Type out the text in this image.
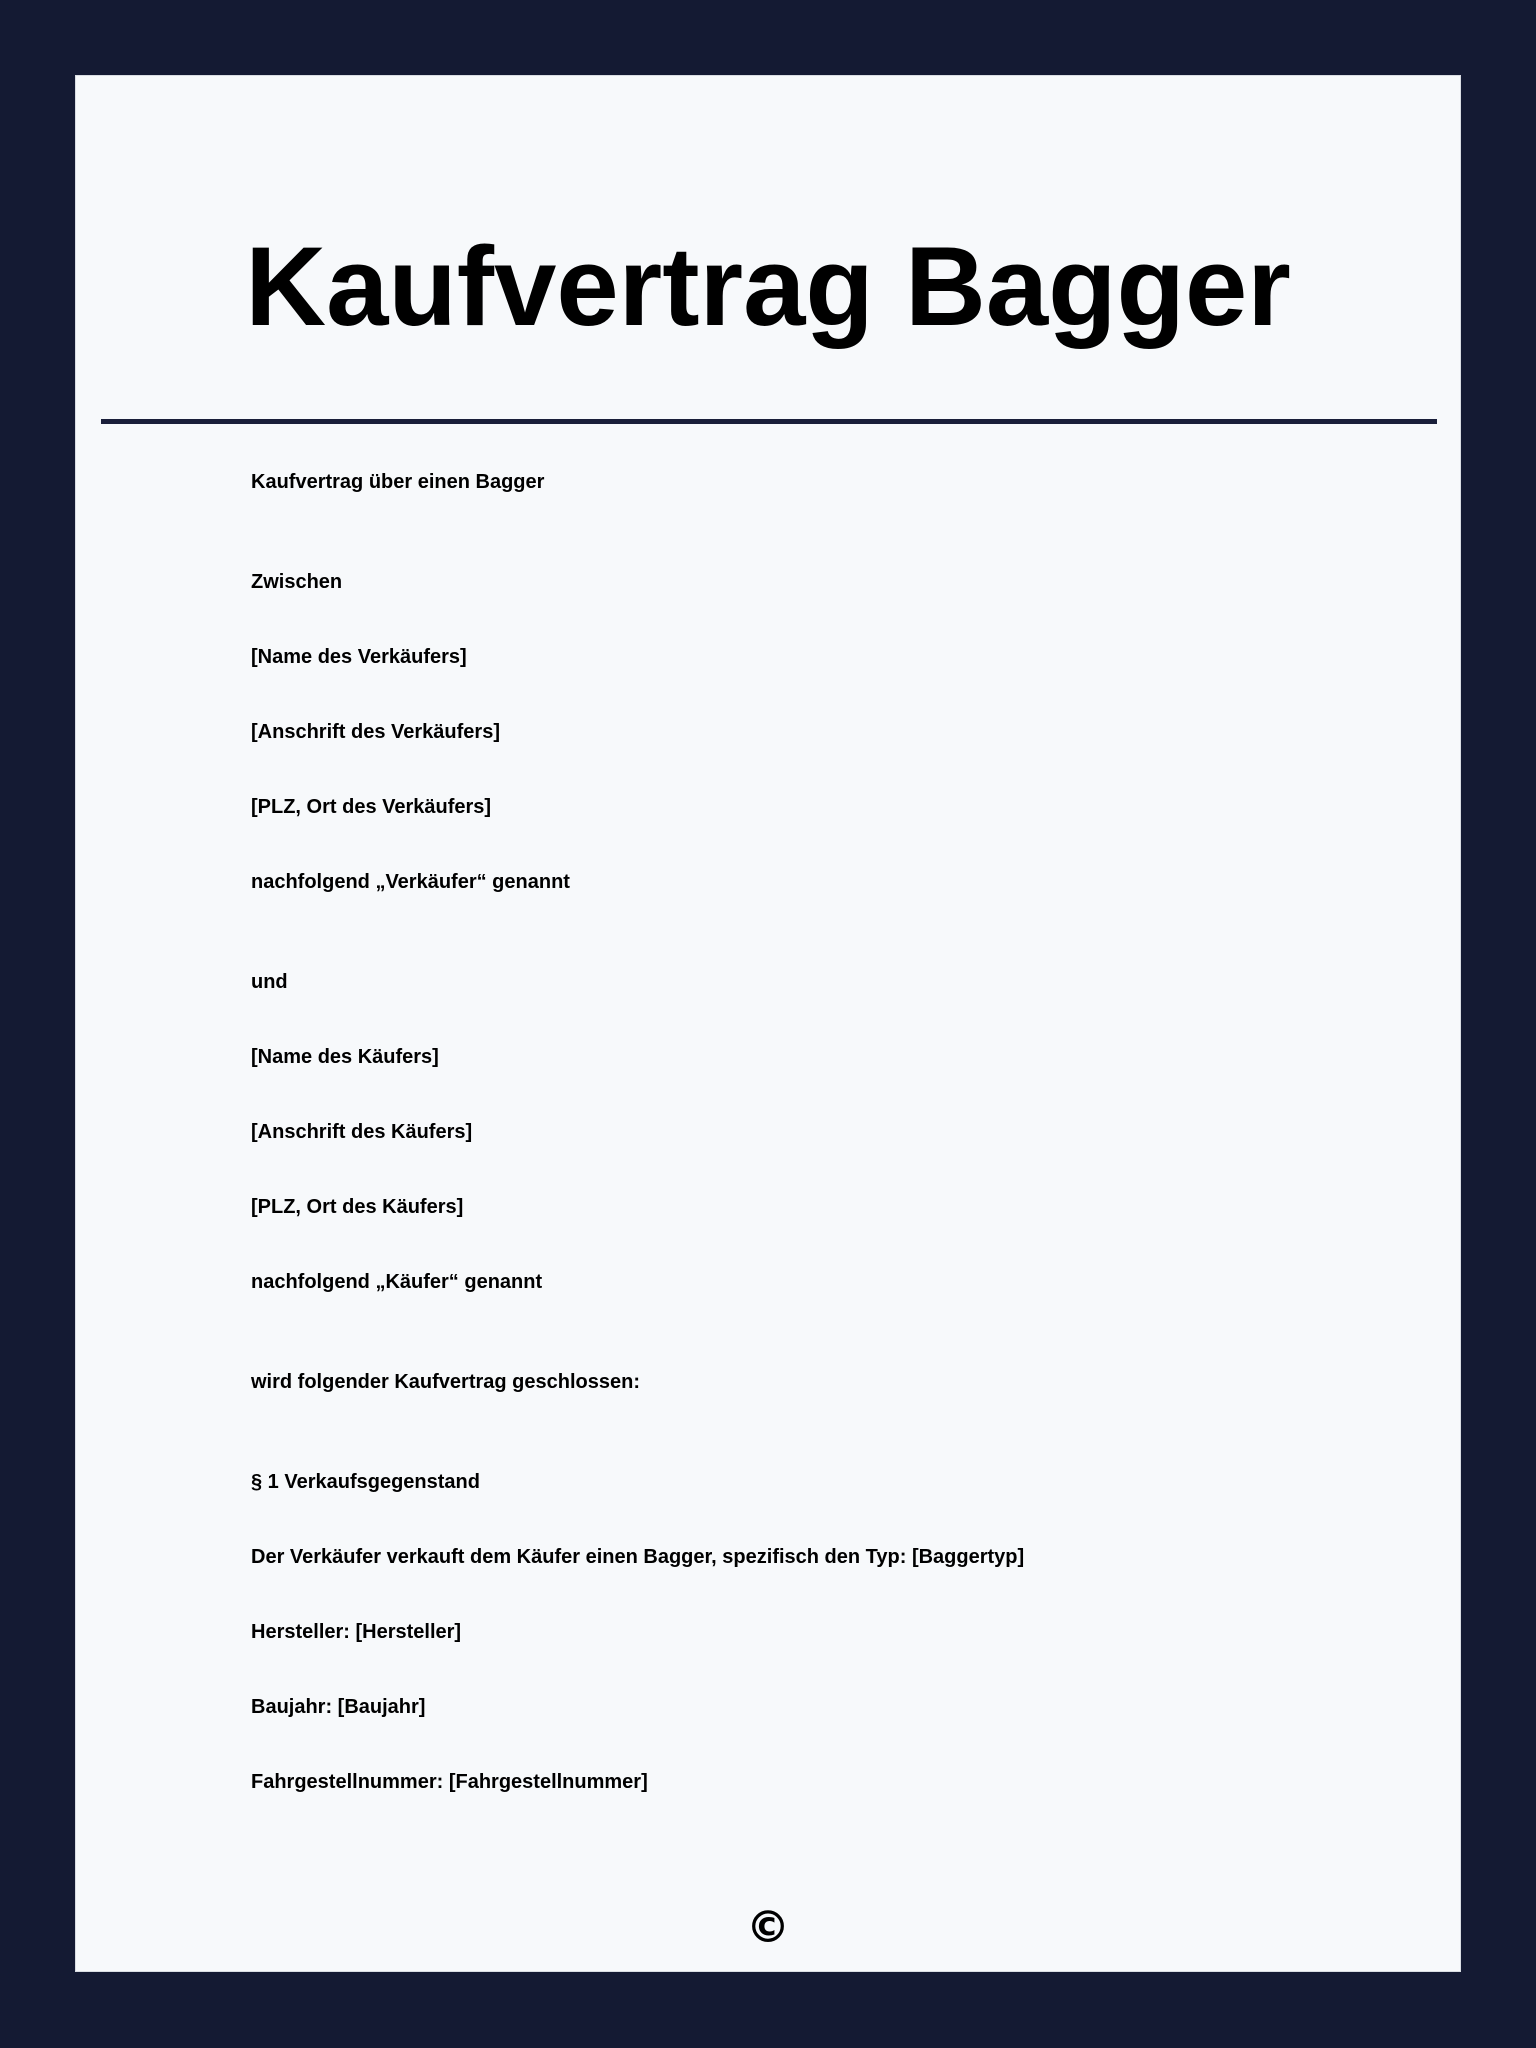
Kaufvertrag Bagger

Kaufvertrag über einen Bagger

Zwischen

[Name des Verkäufers]

[Anschrift des Verkäufers]

[PLZ, Ort des Verkäufers]

nachfolgend „Verkäufer“ genannt

und

[Name des Käufers]

[Anschrift des Käufers]

[PLZ, Ort des Käufers]

nachfolgend „Käufer“ genannt

wird folgender Kaufvertrag geschlossen:

§ 1 Verkaufsgegenstand

Der Verkäufer verkauft dem Käufer einen Bagger, spezifisch den Typ: [Baggertyp]

Hersteller: [Hersteller]

Baujahr: [Baujahr]

Fahrgestellnummer: [Fahrgestellnummer]

©
